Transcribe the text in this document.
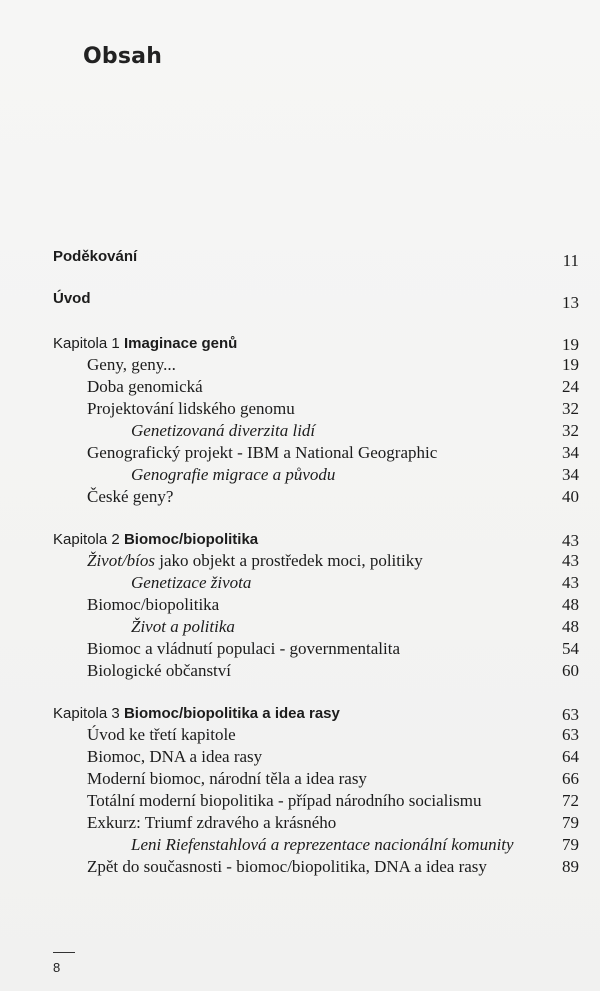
Obsah
Poděkování	11
Úvod	13
Kapitola 1 Imaginace genů	19
Geny, geny...	19
Doba genomická	24
Projektování lidského genomu	32
Genetizovaná diverzita lidí	32
Genografický projekt - IBM a National Geographic	34
Genografie migrace a původu	34
České geny?	40
Kapitola 2 Biomoc/biopolitika	43
Život/bíos jako objekt a prostředek moci, politiky	43
Genetizace života	43
Biomoc/biopolitika	48
Život a politika	48
Biomoc a vládnutí populaci - governmentalita	54
Biologické občanství	60
Kapitola 3 Biomoc/biopolitika a idea rasy	63
Úvod ke třetí kapitole	63
Biomoc, DNA a idea rasy	64
Moderní biomoc, národní těla a idea rasy	66
Totální moderní biopolitika - případ národního socialismu	72
Exkurz: Triumf zdravého a krásného	79
Leni Riefenstahlová a reprezentace nacionální komunity	79
Zpět do současnosti - biomoc/biopolitika, DNA a idea rasy	89
8
